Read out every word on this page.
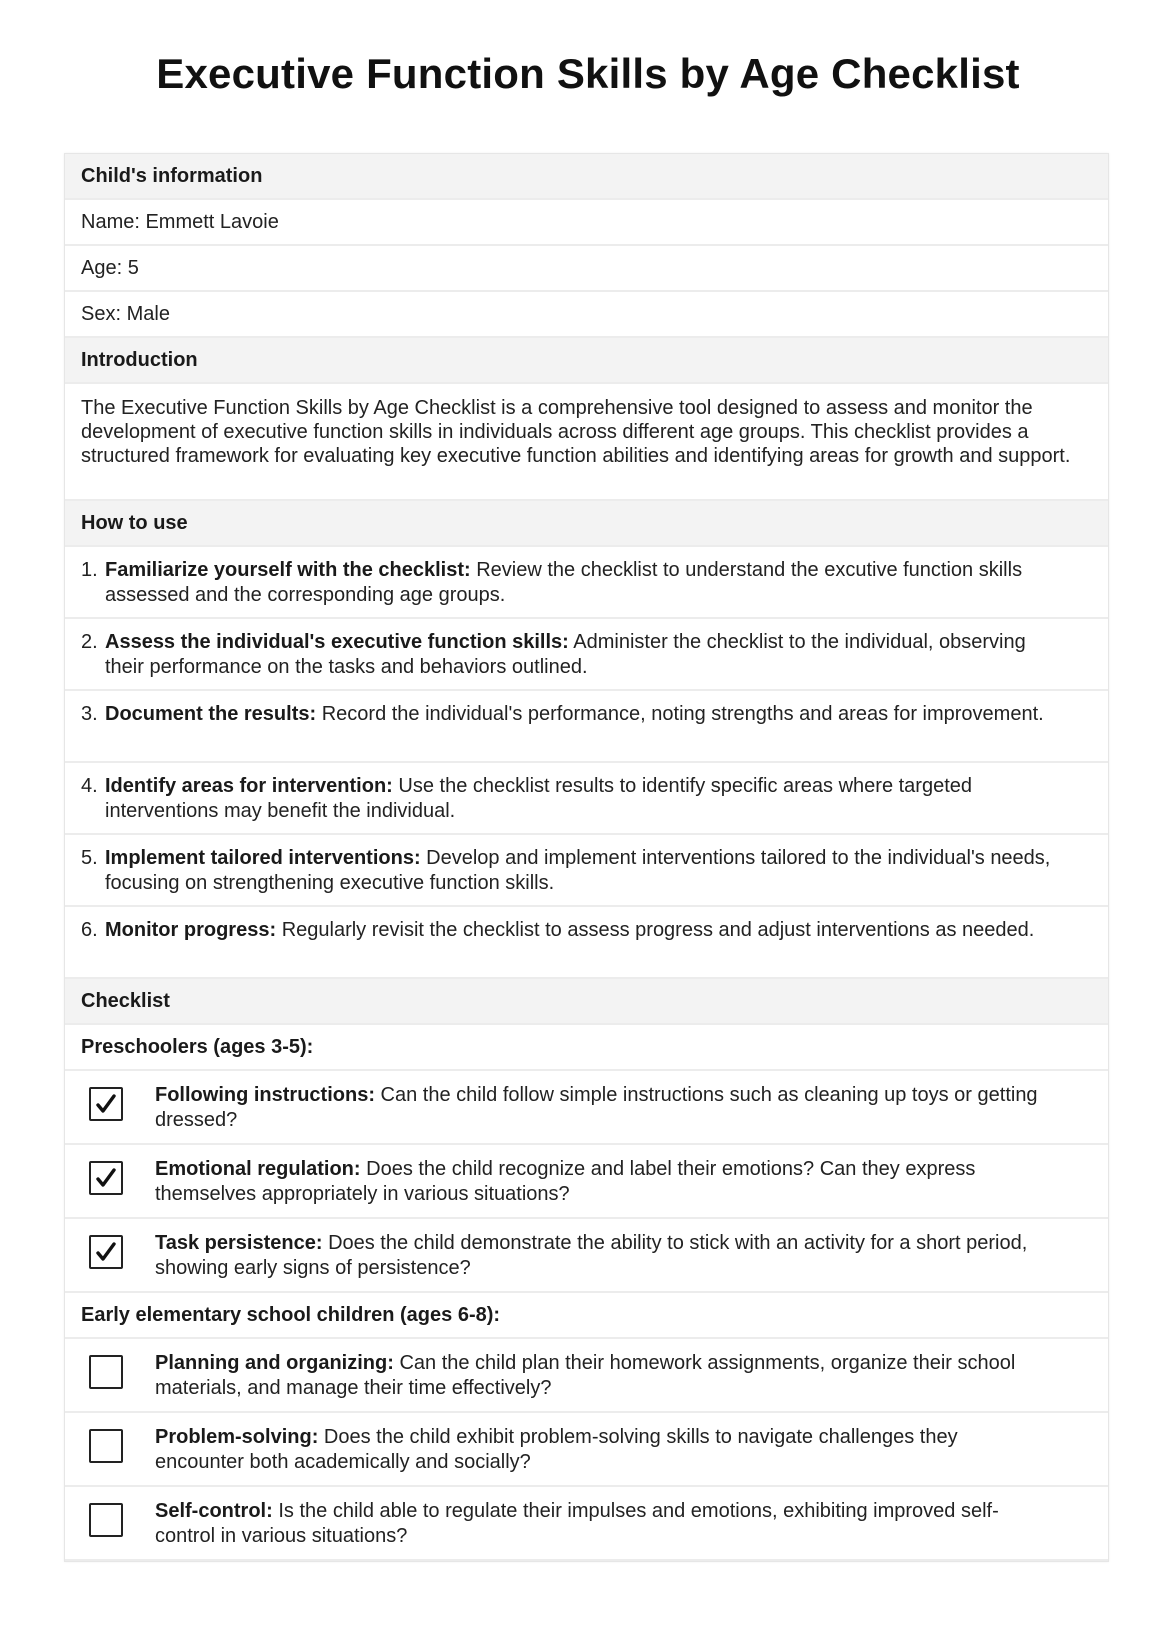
Executive Function Skills by Age Checklist
Child's information
Name:
Emmett Lavoie
Age:
5
Sex:
Male
Introduction
The Executive Function Skills by Age Checklist is a comprehensive tool designed to assess and monitor the development of executive function skills in individuals across different age groups. This checklist provides a structured framework for evaluating key executive function abilities and identifying areas for growth and support.
How to use
1. Familiarize yourself with the checklist: Review the checklist to understand the excutive function skills assessed and the corresponding age groups.
2. Assess the individual's executive function skills: Administer the checklist to the individual, observing their performance on the tasks and behaviors outlined.
3. Document the results: Record the individual's performance, noting strengths and areas for improvement.
4. Identify areas for intervention: Use the checklist results to identify specific areas where targeted interventions may benefit the individual.
5. Implement tailored interventions: Develop and implement interventions tailored to the individual's needs, focusing on strengthening executive function skills.
6. Monitor progress: Regularly revisit the checklist to assess progress and adjust interventions as needed.
Checklist
Preschoolers (ages 3-5):
Following instructions: Can the child follow simple instructions such as cleaning up toys or getting dressed?
Emotional regulation: Does the child recognize and label their emotions? Can they express themselves appropriately in various situations?
Task persistence: Does the child demonstrate the ability to stick with an activity for a short period, showing early signs of persistence?
Early elementary school children (ages 6-8):
Planning and organizing: Can the child plan their homework assignments, organize their school materials, and manage their time effectively?
Problem-solving: Does the child exhibit problem-solving skills to navigate challenges they encounter both academically and socially?
Self-control: Is the child able to regulate their impulses and emotions, exhibiting improved self-control in various situations?
